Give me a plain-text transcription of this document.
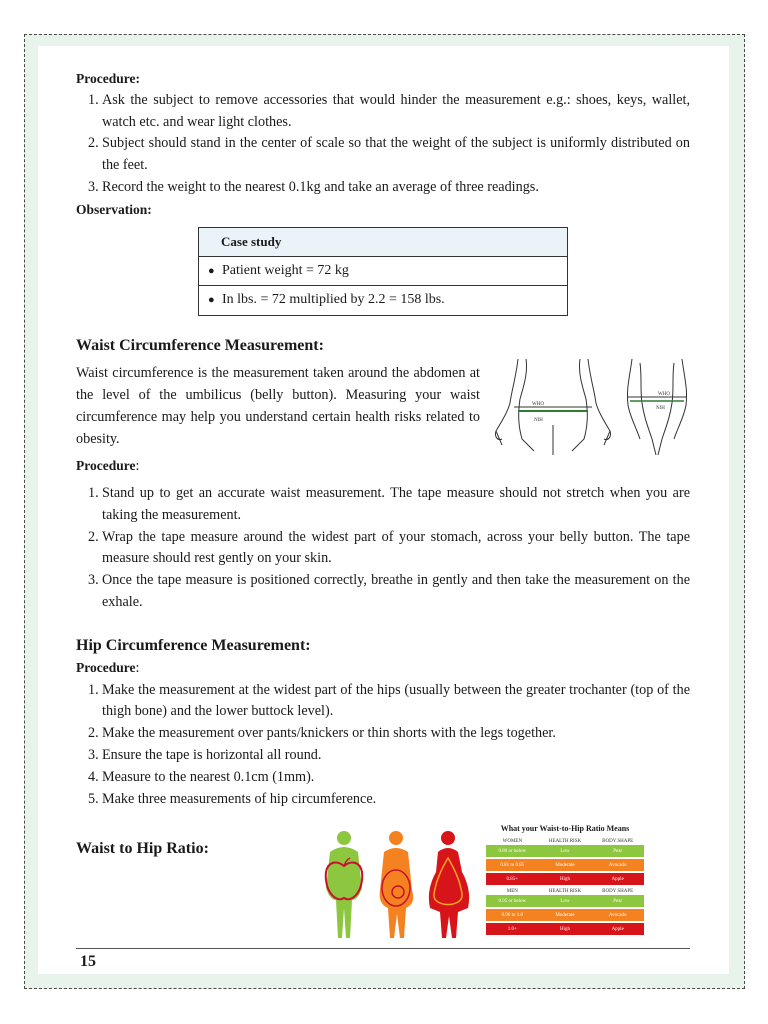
Procedure:
1. Ask the subject to remove accessories that would hinder the measurement e.g.: shoes, keys, wallet, watch etc. and wear light clothes.
2. Subject should stand in the center of scale so that the weight of the subject is uniformly distributed on the feet.
3. Record the weight to the nearest 0.1kg and take an average of three readings.
Observation:
Case study
● Patient weight = 72 kg
● In lbs. = 72 multiplied by 2.2 = 158 lbs.
Waist Circumference Measurement:
Waist circumference is the measurement taken around the abdomen at the level of the umbilicus (belly button). Measuring your waist circumference may help you understand certain health risks related to obesity.
WHO
NIH
WHO
NIH
Procedure:
1. Stand up to get an accurate waist measurement. The tape measure should not stretch when you are taking the measurement.
2. Wrap the tape measure around the widest part of your stomach, across your belly button. The tape measure should rest gently on your skin.
3. Once the tape measure is positioned correctly, breathe in gently and then take the measurement on the exhale.
Hip Circumference Measurement:
Procedure:
1. Make the measurement at the widest part of the hips (usually between the greater trochanter (top of the thigh bone) and the lower buttock level).
2. Make the measurement over pants/knickers or thin shorts with the legs together.
3. Ensure the tape is horizontal all round.
4. Measure to the nearest 0.1cm (1mm).
5. Make three measurements of hip circumference.
Waist to Hip Ratio:
What your Waist-to-Hip Ratio Means
WOMEN	HEALTH RISK	BODY SHAPE
0.80 or below	Low	Pear
0.81 to 0.85	Moderate	Avocado
0.85+	High	Apple
MEN	HEALTH RISK	BODY SHAPE
0.95 or below	Low	Pear
0.96 to 1.0	Moderate	Avocado
1.0+	High	Apple
15
